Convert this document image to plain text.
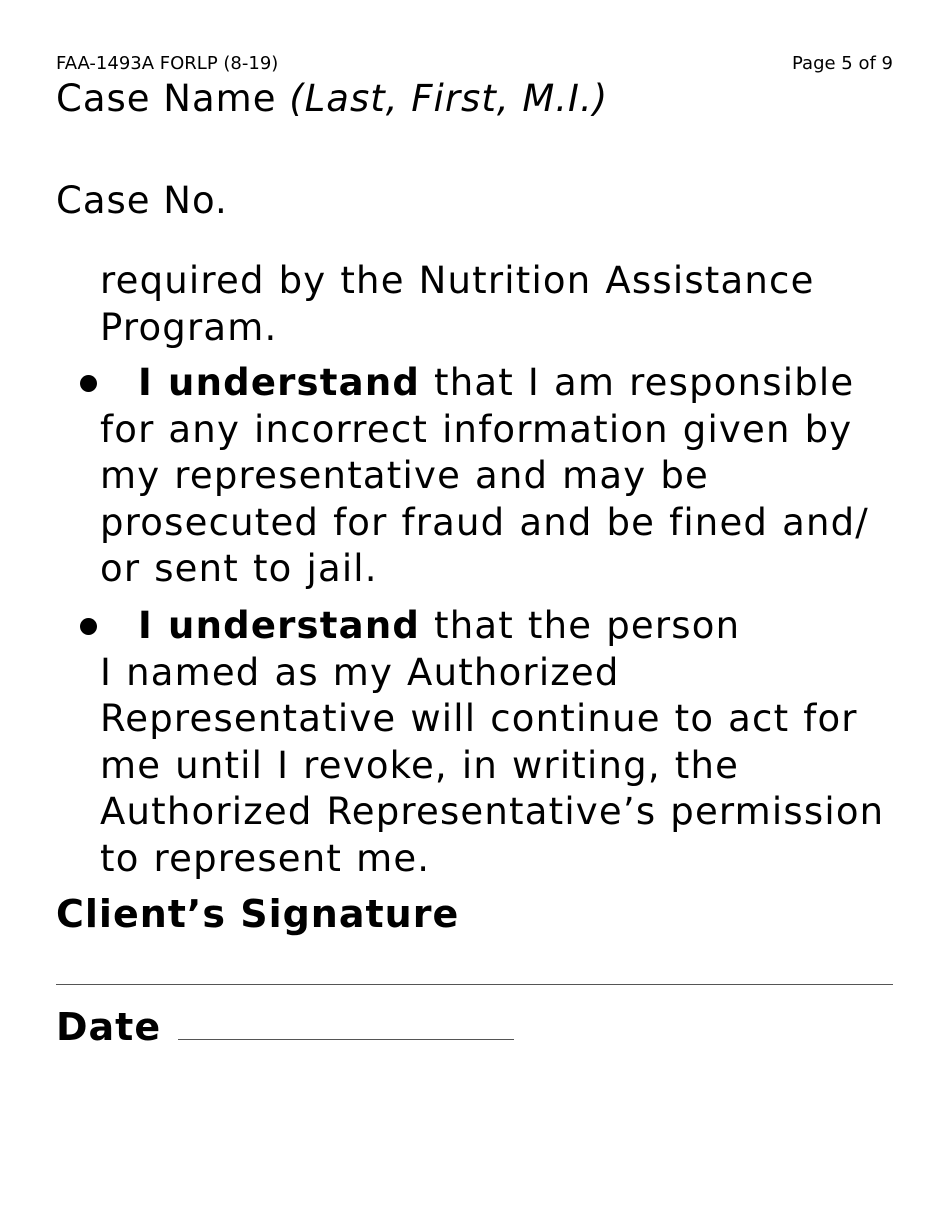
FAA-1493A FORLP (8-19)	Page 5 of 9
Case Name (Last, First, M.I.)
Case No.
required by the Nutrition Assistance Program.
I understand that I am responsible
for any incorrect information given by my representative and may be prosecuted for fraud and be fined and/ or sent to jail.
I understand that the person
I named as my Authorized Representative will continue to act for me until I revoke, in writing, the Authorized Representative’s permission to represent me.
Client’s Signature
Date
